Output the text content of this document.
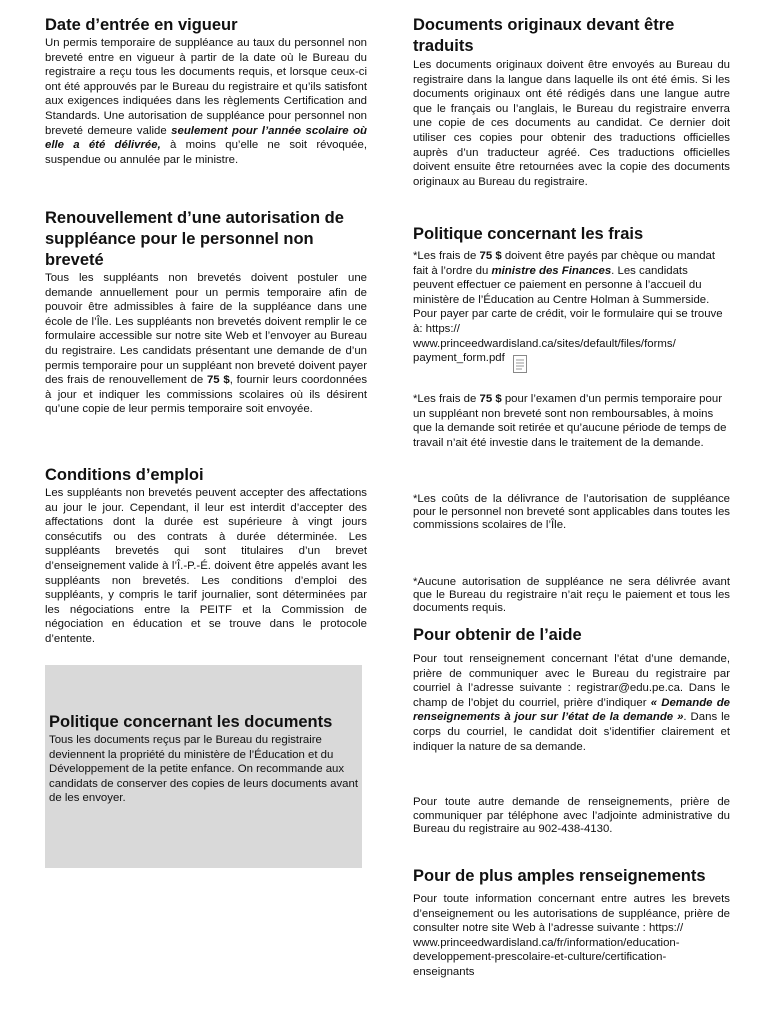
Date d’entrée en vigueur

Un permis temporaire de suppléance au taux du personnel non breveté entre en vigueur à partir de la date où le Bureau du registraire a reçu tous les documents requis, et lorsque ceux-ci ont été approuvés par le Bureau du registraire et qu’ils satisfont aux exigences indiquées dans les règlements Certification and Standards. Une autorisation de suppléance pour personnel non breveté demeure valide seulement pour l’année scolaire où elle a été délivrée, à moins qu’elle ne soit révoquée, suspendue ou annulée par le ministre.

Renouvellement d’une autorisation de suppléance pour le personnel non breveté

Tous les suppléants non brevetés doivent postuler une demande annuellement pour un permis temporaire afin de pouvoir être admissibles à faire de la suppléance dans une école de l’Île. Les suppléants non brevetés doivent remplir le ce formulaire accessible sur notre site Web et l’envoyer au Bureau du registraire. Les candidats présentant une demande de d’un permis temporaire pour un suppléant non breveté doivent payer des frais de renouvellement de 75 $, fournir leurs coordonnées à jour et indiquer les commissions scolaires où ils désirent qu’une copie de leur permis temporaire soit envoyée.

Conditions d’emploi

Les suppléants non brevetés peuvent accepter des affectations au jour le jour. Cependant, il leur est interdit d’accepter des affectations dont la durée est supérieure à vingt jours consécutifs ou des contrats à durée déterminée. Les suppléants brevetés qui sont titulaires d’un brevet d’enseignement valide à l’Î.-P.-É. doivent être appelés avant les suppléants non brevetés. Les conditions d’emploi des suppléants, y compris le tarif journalier, sont déterminées par les négociations entre la PEITF et la Commission de négociation en éducation et se trouve dans le protocole d’entente.

Politique concernant les documents

Tous les documents reçus par le Bureau du registraire deviennent la propriété du ministère de l’Éducation et du Développement de la petite enfance. On recommande aux candidats de conserver des copies de leurs documents avant de les envoyer.

Documents originaux devant être traduits

Les documents originaux doivent être envoyés au Bureau du registraire dans la langue dans laquelle ils ont été émis. Si les documents originaux ont été rédigés dans une langue autre que le français ou l’anglais, le Bureau du registraire enverra une copie de ces documents au candidat. Ce dernier doit utiliser ces copies pour obtenir des traductions officielles auprès d’un traducteur agréé. Ces traductions officielles doivent ensuite être retournées avec la copie des documents originaux au Bureau du registraire.

Politique concernant les frais

*Les frais de 75 $ doivent être payés par chèque ou mandat fait à l’ordre du ministre des Finances. Les candidats peuvent effectuer ce paiement en personne à l’accueil du ministère de l’Éducation au Centre Holman à Summerside. Pour payer par carte de crédit, voir le formulaire qui se trouve à: https://
www.princeedwardisland.ca/sites/default/files/forms/
payment_form.pdf

*Les frais de 75 $ pour l’examen d’un permis temporaire pour un suppléant non breveté sont non remboursables, à moins que la demande soit retirée et qu’aucune période de temps de travail n’ait été investie dans le traitement de la demande.

*Les coûts de la délivrance de l’autorisation de suppléance pour le personnel non breveté sont applicables dans toutes les commissions scolaires de l’Île.

*Aucune autorisation de suppléance ne sera délivrée avant que le Bureau du registraire n’ait reçu le paiement et tous les documents requis.

Pour obtenir de l’aide

Pour tout renseignement concernant l’état d’une demande, prière de communiquer avec le Bureau du registraire par courriel à l’adresse suivante : registrar@edu.pe.ca. Dans le champ de l’objet du courriel, prière d’indiquer « Demande de renseignements à jour sur l’état de la demande ». Dans le corps du courriel, le candidat doit s’identifier clairement et indiquer la nature de sa demande.

Pour toute autre demande de renseignements, prière de communiquer par téléphone avec l’adjointe administrative du Bureau du registraire au 902-438-4130.

Pour de plus amples renseignements

Pour toute information concernant entre autres les brevets d’enseignement ou les autorisations de suppléance, prière de consulter notre site Web à l’adresse suivante : https://
www.princeedwardisland.ca/fr/information/education-
developpement-prescolaire-et-culture/certification-
enseignants
